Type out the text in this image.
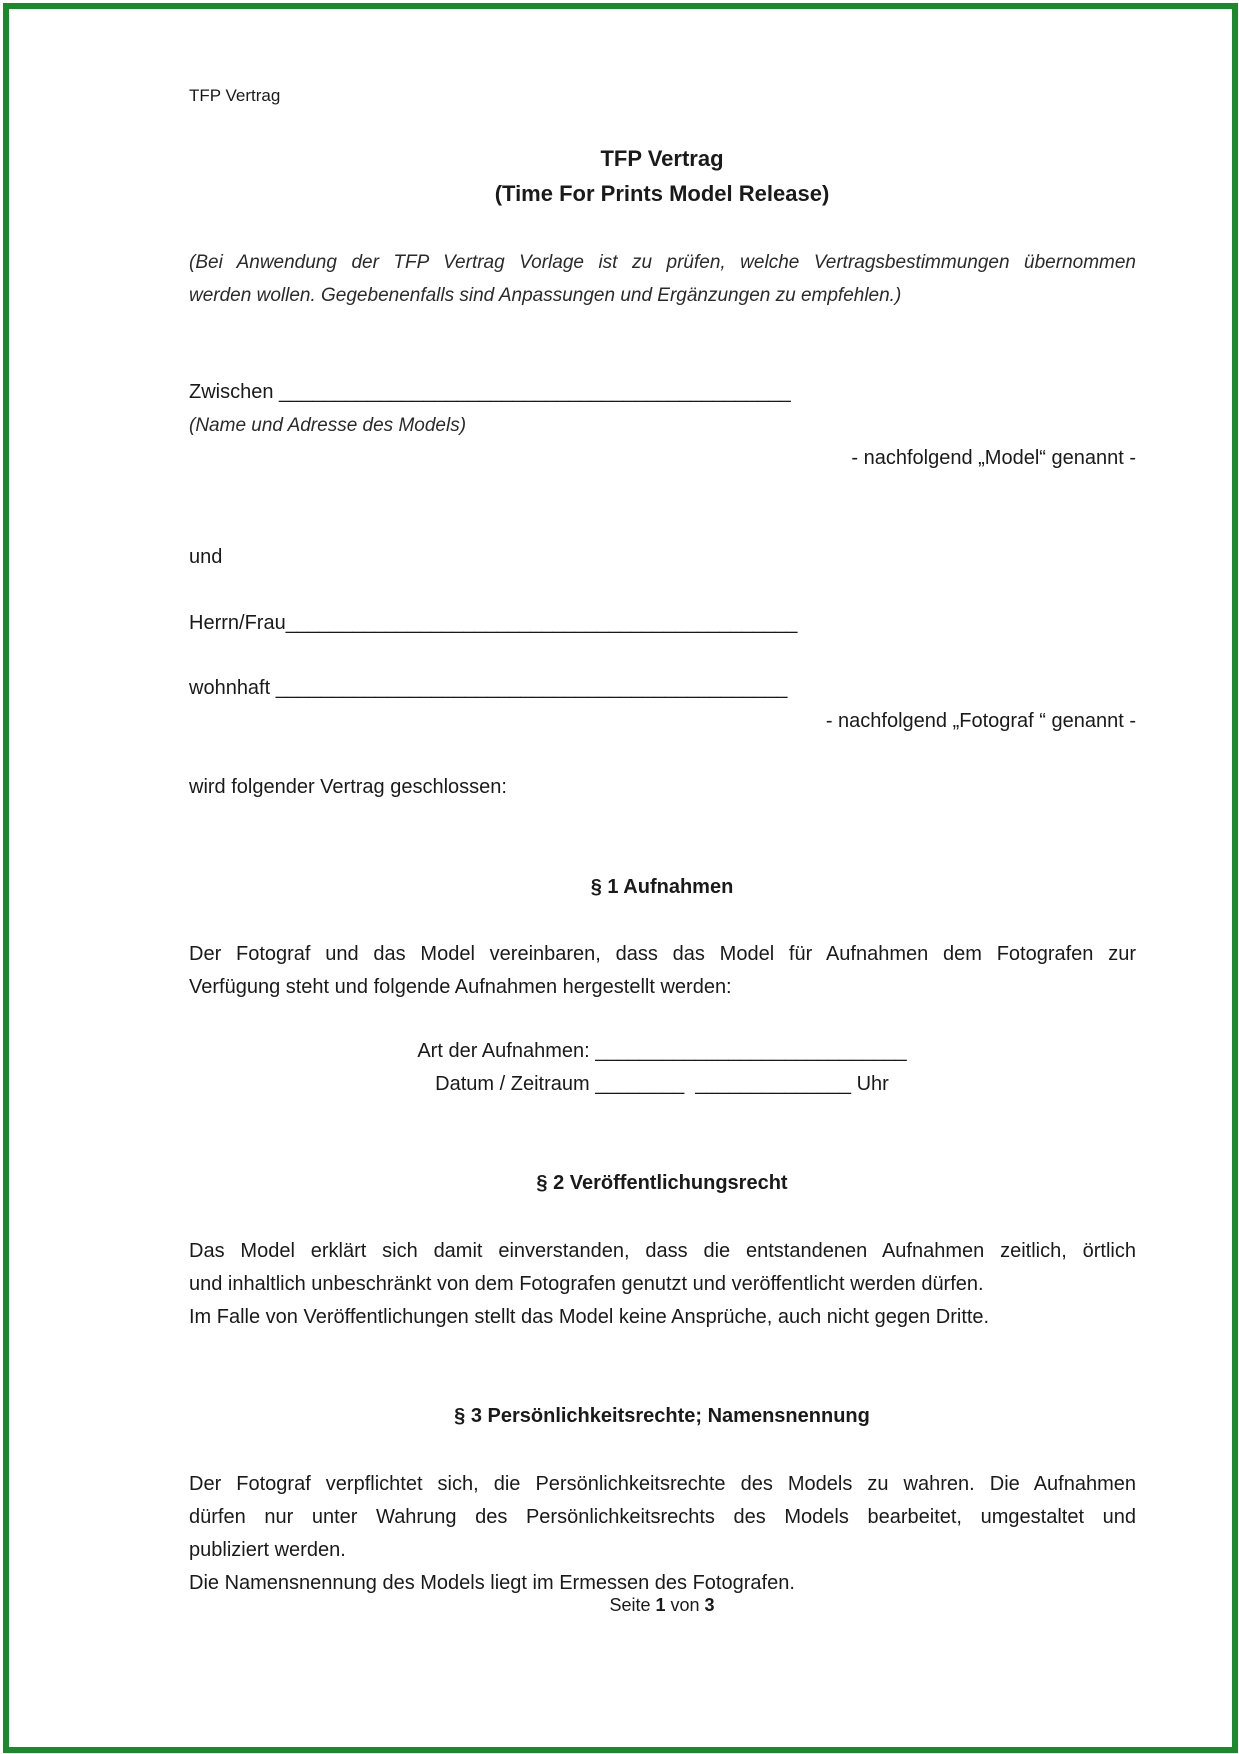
TFP Vertrag
TFP Vertrag
(Time For Prints Model Release)
(Bei Anwendung der TFP Vertrag Vorlage ist zu prüfen, welche Vertragsbestimmungen übernommen
werden wollen. Gegebenenfalls sind Anpassungen und Ergänzungen zu empfehlen.)
Zwischen ______________________________________________
(Name und Adresse des Models)
- nachfolgend „Model“ genannt -
und
Herrn/Frau______________________________________________
wohnhaft ______________________________________________
- nachfolgend „Fotograf “ genannt -
wird folgender Vertrag geschlossen:
§ 1 Aufnahmen
Der Fotograf und das Model vereinbaren, dass das Model für Aufnahmen dem Fotografen zur
Verfügung steht und folgende Aufnahmen hergestellt werden:
Art der Aufnahmen: ____________________________
Datum / Zeitraum ________  ______________ Uhr
§ 2 Veröffentlichungsrecht
Das Model erklärt sich damit einverstanden, dass die entstandenen Aufnahmen zeitlich, örtlich
und inhaltlich unbeschränkt von dem Fotografen genutzt und veröffentlicht werden dürfen.
Im Falle von Veröffentlichungen stellt das Model keine Ansprüche, auch nicht gegen Dritte.
§ 3 Persönlichkeitsrechte; Namensnennung
Der Fotograf verpflichtet sich, die Persönlichkeitsrechte des Models zu wahren. Die Aufnahmen
dürfen nur unter Wahrung des Persönlichkeitsrechts des Models bearbeitet, umgestaltet und
publiziert werden.
Die Namensnennung des Models liegt im Ermessen des Fotografen.
Seite 1 von 3
